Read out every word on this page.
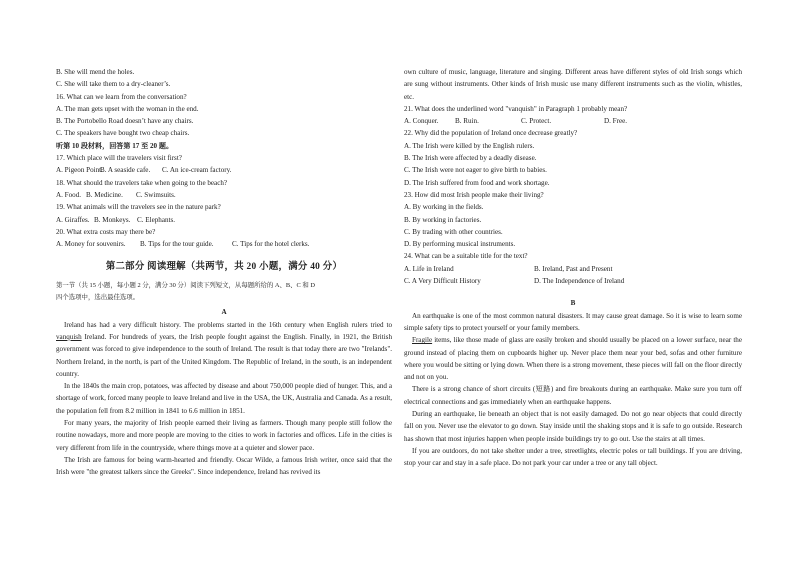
B. She will mend the holes.
C. She will take them to a dry-cleaner’s.
16. What can we learn from the conversation?
A. The man gets upset with the woman in the end.
B. The Portobello Road doesn’t have any chairs.
C. The speakers have bought two cheap chairs.
听第 10 段材料，回答第 17 至 20 题。
17. Which place will the travelers visit first?
A. Pigeon Point.B. A seaside cafe. C. An ice-cream factory.
18. What should the travelers take when going to the beach?
A. Food. B. Medicine. C. Swimsuits.
19. What animals will the travelers see in the nature park?
A. Giraffes. B. Monkeys. C. Elephants.
20. What extra costs may there be?
A. Money for souvenirs. B. Tips for the tour guide.	C. Tips for the hotel clerks.
第二部分 阅读理解（共两节，共 20 小题，满分 40 分）
第一节（共 15 小题，每小题 2 分，满分 30 分）阅读下列短文，从每题所给的 A、B、C 和 D
四个选项中，选出最佳选项。
A
Ireland has had a very difficult history. The problems started in the 16th century when English rulers tried to vanquish Ireland. For hundreds of years, the Irish people fought against the English. Finally, in 1921, the British government was forced to give independence to the south of Ireland. The result is that today there are two "Irelands". Northern Ireland, in the north, is part of the United Kingdom. The Republic of Ireland, in the south, is an independent country.
In the 1840s the main crop, potatoes, was affected by disease and about 750,000 people died of hunger. This, and a shortage of work, forced many people to leave Ireland and live in the USA, the UK, Australia and Canada. As a result, the population fell from 8.2 million in 1841 to 6.6 million in 1851.
For many years, the majority of Irish people earned their living as farmers. Though many people still follow the routine nowadays, more and more people are moving to the cities to work in factories and offices. Life in the cities is very different from life in the countryside, where things move at a quieter and slower pace.
The Irish are famous for being warm-hearted and friendly. Oscar Wilde, a famous Irish writer, once said that the Irish were "the greatest talkers since the Greeks". Since independence, Ireland has revived its
own culture of music, language, literature and singing. Different areas have different styles of old Irish songs which are sung without instruments. Other kinds of Irish music use many different instruments such as the violin, whistles, etc.
21. What does the underlined word "vanquish" in Paragraph 1 probably mean?
A. Conquer. B. Ruin.	C. Protect.	D. Free.
22. Why did the population of Ireland once decrease greatly?
A. The Irish were killed by the English rulers.
B. The Irish were affected by a deadly disease.
C. The Irish were not eager to give birth to babies.
D. The Irish suffered from food and work shortage.
23. How did most Irish people make their living?
A. By working in the fields.
B. By working in factories.
C. By trading with other countries.
D. By performing musical instruments.
24. What can be a suitable title for the text?
A. Life in Ireland	B. Ireland, Past and Present
C. A Very Difficult History	D. The Independence of Ireland
B
An earthquake is one of the most common natural disasters. It may cause great damage. So it is wise to learn some simple safety tips to protect yourself or your family members.
Fragile items, like those made of glass are easily broken and should usually be placed on a lower surface, near the ground instead of placing them on cupboards higher up. Never place them near your bed, sofas and other furniture where you would be sitting or lying down. When there is a strong movement, these pieces will fall on the floor directly and not on you.
There is a strong chance of short circuits (短路) and fire breakouts during an earthquake. Make sure you turn off electrical connections and gas immediately when an earthquake happens.
During an earthquake, lie beneath an object that is not easily damaged. Do not go near objects that could directly fall on you. Never use the elevator to go down. Stay inside until the shaking stops and it is safe to go outside. Research has shown that most injuries happen when people inside buildings try to go out. Use the stairs at all times.
If you are outdoors, do not take shelter under a tree, streetlights, electric poles or tall buildings. If you are driving, stop your car and stay in a safe place. Do not park your car under a tree or any tall object.
